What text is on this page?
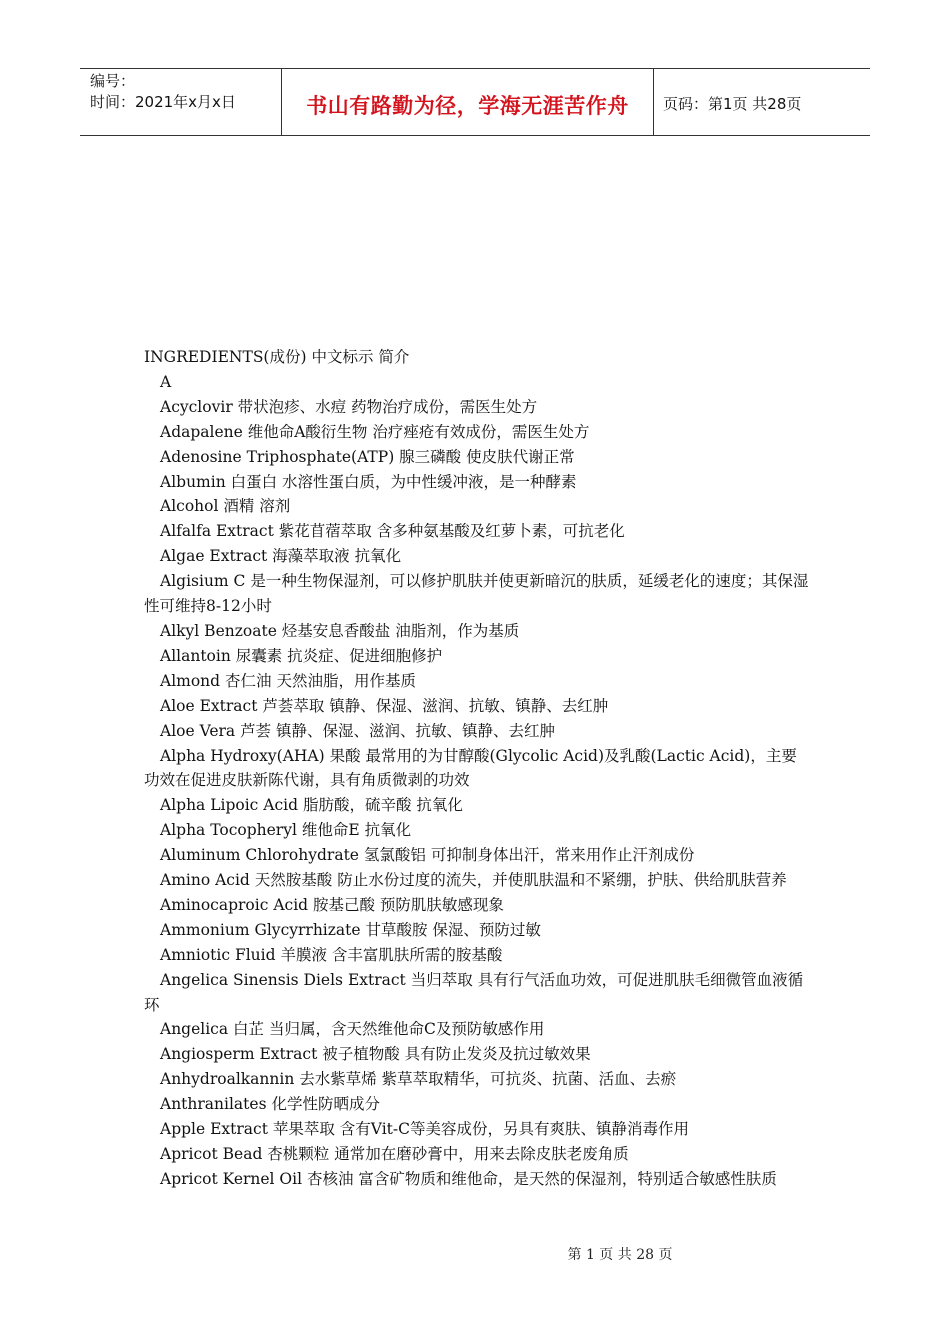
编号：
时间：2021年x月x日	书山有路勤为径，学海无涯苦作舟	页码：第1页 共28页

INGREDIENTS(成份) 中文标示 简介

A

Acyclovir 带状泡疹、水痘 药物治疗成份，需医生处方

Adapalene 维他命A酸衍生物 治疗痤疮有效成份，需医生处方

Adenosine Triphosphate(ATP) 腺三磷酸 使皮肤代谢正常

Albumin 白蛋白 水溶性蛋白质，为中性缓冲液，是一种酵素

Alcohol 酒精 溶剂

Alfalfa Extract 紫花苜蓿萃取 含多种氨基酸及红萝卜素，可抗老化

Algae Extract 海藻萃取液 抗氧化

Algisium C 是一种生物保湿剂，可以修护肌肤并使更新暗沉的肤质，延缓老化的速度；其保湿性可维持8-12小时

Alkyl Benzoate 烃基安息香酸盐 油脂剂，作为基质

Allantoin 尿囊素 抗炎症、促进细胞修护

Almond 杏仁油 天然油脂，用作基质

Aloe Extract 芦荟萃取 镇静、保湿、滋润、抗敏、镇静、去红肿

Aloe Vera 芦荟 镇静、保湿、滋润、抗敏、镇静、去红肿

Alpha Hydroxy(AHA) 果酸 最常用的为甘醇酸(Glycolic Acid)及乳酸(Lactic Acid)，主要功效在促进皮肤新陈代谢，具有角质微剥的功效

Alpha Lipoic Acid 脂肪酸，硫辛酸 抗氧化

Alpha Tocopheryl 维他命E 抗氧化

Aluminum Chlorohydrate 氢氯酸铝 可抑制身体出汗，常来用作止汗剂成份

Amino Acid 天然胺基酸 防止水份过度的流失，并使肌肤温和不紧绷，护肤、供给肌肤营养

Aminocaproic Acid 胺基己酸 预防肌肤敏感现象

Ammonium Glycyrrhizate 甘草酸胺 保湿、预防过敏

Amniotic Fluid 羊膜液 含丰富肌肤所需的胺基酸

Angelica Sinensis Diels Extract 当归萃取 具有行气活血功效，可促进肌肤毛细微管血液循环

Angelica 白芷 当归属，含天然维他命C及预防敏感作用

Angiosperm Extract 被子植物酸 具有防止发炎及抗过敏效果

Anhydroalkannin 去水紫草烯 紫草萃取精华，可抗炎、抗菌、活血、去瘀

Anthranilates 化学性防晒成分

Apple Extract 苹果萃取 含有Vit-C等美容成份，另具有爽肤、镇静消毒作用

Apricot Bead 杏桃颗粒 通常加在磨砂膏中，用来去除皮肤老废角质

Apricot Kernel Oil 杏核油 富含矿物质和维他命，是天然的保湿剂，特别适合敏感性肤质

第 1 页 共 28 页
